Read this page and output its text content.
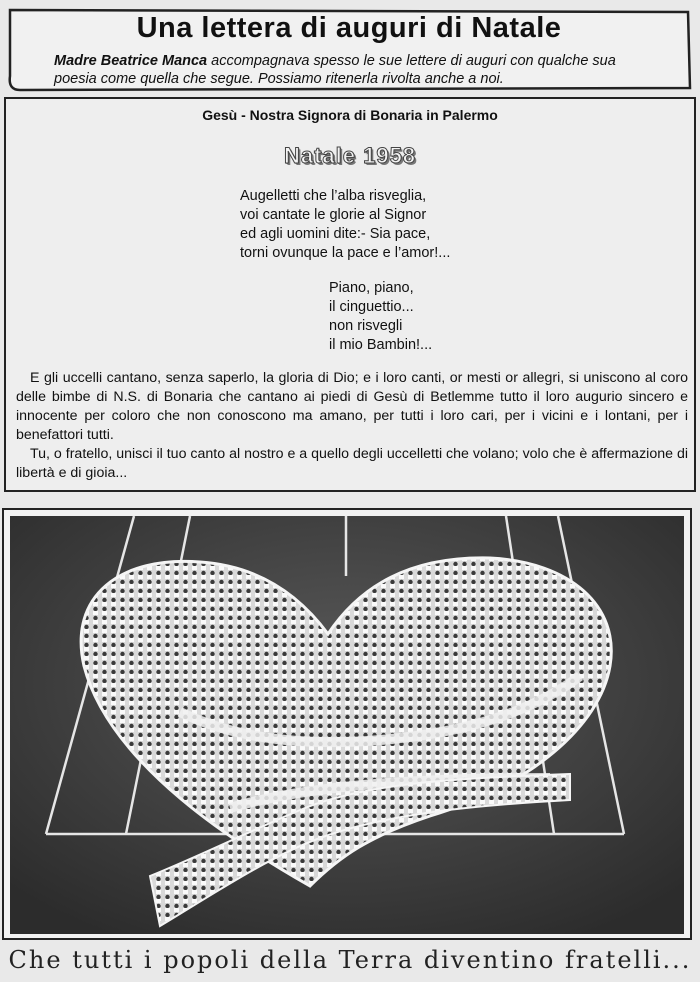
Una lettera di auguri di Natale
Madre Beatrice Manca accompagnava spesso le sue lettere di auguri con qualche sua poesia come quella che segue. Possiamo ritenerla rivolta anche a noi.
Gesù - Nostra Signora di Bonaria in Palermo
Natale 1958
Augelletti che l’alba risveglia,
voi cantate le glorie al Signor
ed agli uomini dite:- Sia pace,
torni ovunque la pace e l’amor!...
Piano, piano,
il cinguettio...
non risvegli
il mio Bambin!...

E gli uccelli cantano, senza saperlo, la gloria di Dio; e i loro canti, or mesti or allegri, si uniscono al coro delle bimbe di N.S. di Bonaria che cantano ai piedi di Gesù di Betlemme tutto il loro augurio sincero e innocente per coloro che non conoscono ma amano, per tutti i loro cari, per i vicini e i lontani, per i benefattori tutti.

Tu, o fratello, unisci il tuo canto al nostro e a quello degli uccelletti che volano; volo che è affermazione di libertà e di gioia...

Che tutti i popoli della Terra diventino fratelli...
